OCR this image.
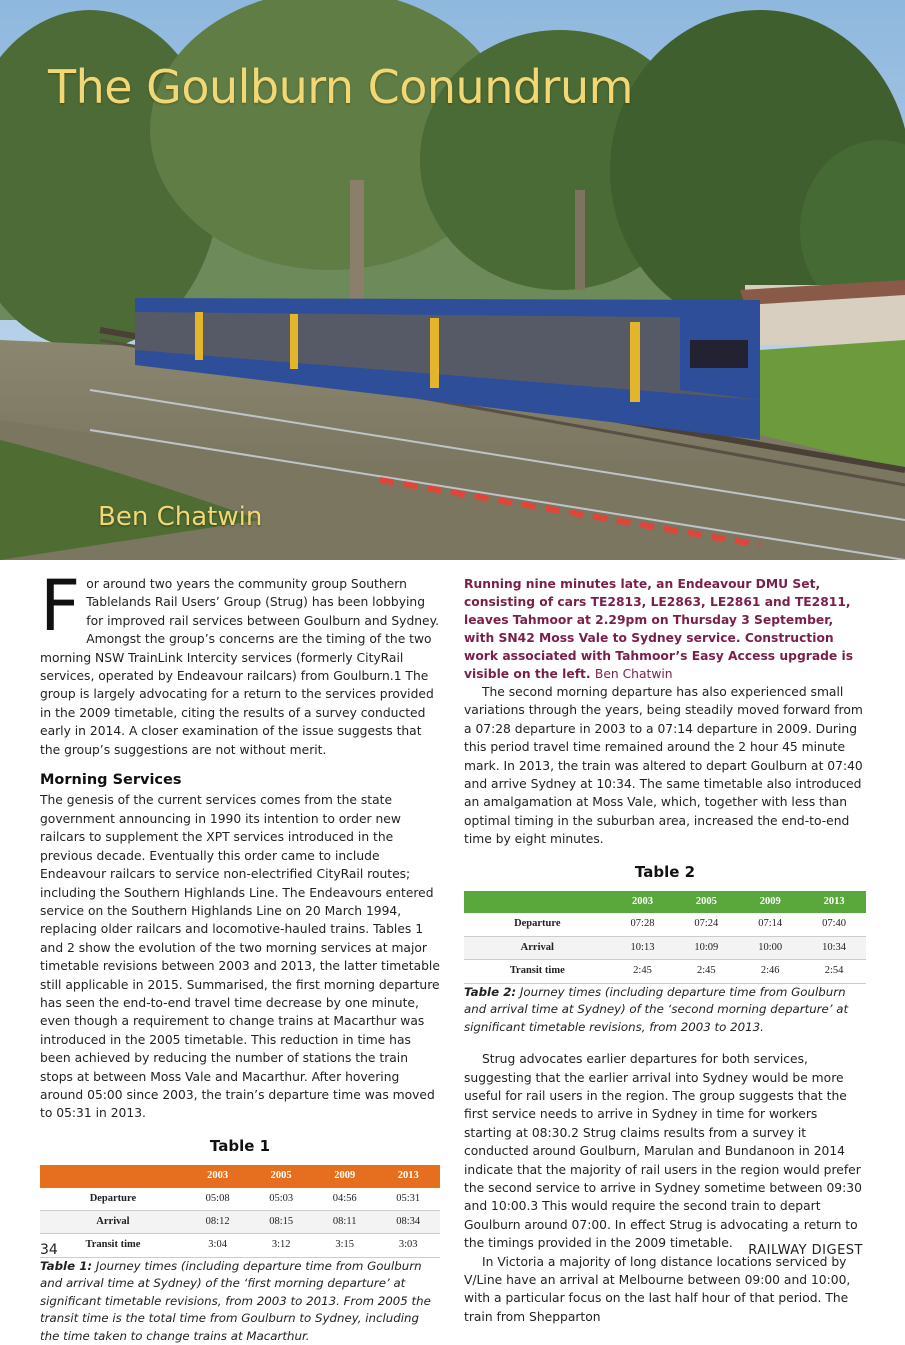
The Goulburn Conundrum
Ben Chatwin

For around two years the community group Southern Tablelands Rail Users’ Group (Strug) has been lobbying for improved rail services between Goulburn and Sydney. Amongst the group’s concerns are the timing of the two morning NSW TrainLink Intercity services (formerly CityRail services, operated by Endeavour railcars) from Goulburn.1 The group is largely advocating for a return to the services provided in the 2009 timetable, citing the results of a survey conducted early in 2014. A closer examination of the issue suggests that the group’s suggestions are not without merit.

Morning Services

The genesis of the current services comes from the state government announcing in 1990 its intention to order new railcars to supplement the XPT services introduced in the previous decade. Eventually this order came to include Endeavour railcars to service non-electrified CityRail routes; including the Southern Highlands Line. The Endeavours entered service on the Southern Highlands Line on 20 March 1994, replacing older railcars and locomotive-hauled trains. Tables 1 and 2 show the evolution of the two morning services at major timetable revisions between 2003 and 2013, the latter timetable still applicable in 2015. Summarised, the first morning departure has seen the end-to-end travel time decrease by one minute, even though a requirement to change trains at Macarthur was introduced in the 2005 timetable. This reduction in time has been achieved by reducing the number of stations the train stops at between Moss Vale and Macarthur. After hovering around 05:00 since 2003, the train’s departure time was moved to 05:31 in 2013.

Table 1
	2003	2005	2009	2013
Departure	05:08	05:03	04:56	05:31
Arrival	08:12	08:15	08:11	08:34
Transit time	3:04	3:12	3:15	3:03

Table 1: Journey times (including departure time from Goulburn and arrival time at Sydney) of the ‘first morning departure’ at significant timetable revisions, from 2003 to 2013. From 2005 the transit time is the total time from Goulburn to Sydney, including the time taken to change trains at Macarthur.

Running nine minutes late, an Endeavour DMU Set, consisting of cars TE2813, LE2863, LE2861 and TE2811, leaves Tahmoor at 2.29pm on Thursday 3 September, with SN42 Moss Vale to Sydney service. Construction work associated with Tahmoor’s Easy Access upgrade is visible on the left. Ben Chatwin

The second morning departure has also experienced small variations through the years, being steadily moved forward from a 07:28 departure in 2003 to a 07:14 departure in 2009. During this period travel time remained around the 2 hour 45 minute mark. In 2013, the train was altered to depart Goulburn at 07:40 and arrive Sydney at 10:34. The same timetable also introduced an amalgamation at Moss Vale, which, together with less than optimal timing in the suburban area, increased the end-to-end time by eight minutes.

Table 2
	2003	2005	2009	2013
Departure	07:28	07:24	07:14	07:40
Arrival	10:13	10:09	10:00	10:34
Transit time	2:45	2:45	2:46	2:54

Table 2: Journey times (including departure time from Goulburn and arrival time at Sydney) of the ‘second morning departure’ at significant timetable revisions, from 2003 to 2013.

Strug advocates earlier departures for both services, suggesting that the earlier arrival into Sydney would be more useful for rail users in the region. The group suggests that the first service needs to arrive in Sydney in time for workers starting at 08:30.2 Strug claims results from a survey it conducted around Goulburn, Marulan and Bundanoon in 2014 indicate that the majority of rail users in the region would prefer the second service to arrive in Sydney sometime between 09:30 and 10:00.3 This would require the second train to depart Goulburn around 07:00. In effect Strug is advocating a return to the timings provided in the 2009 timetable.

In Victoria a majority of long distance locations serviced by V/Line have an arrival at Melbourne between 09:00 and 10:00, with a particular focus on the last half hour of that period. The train from Shepparton

34	RAILWAY DIGEST
